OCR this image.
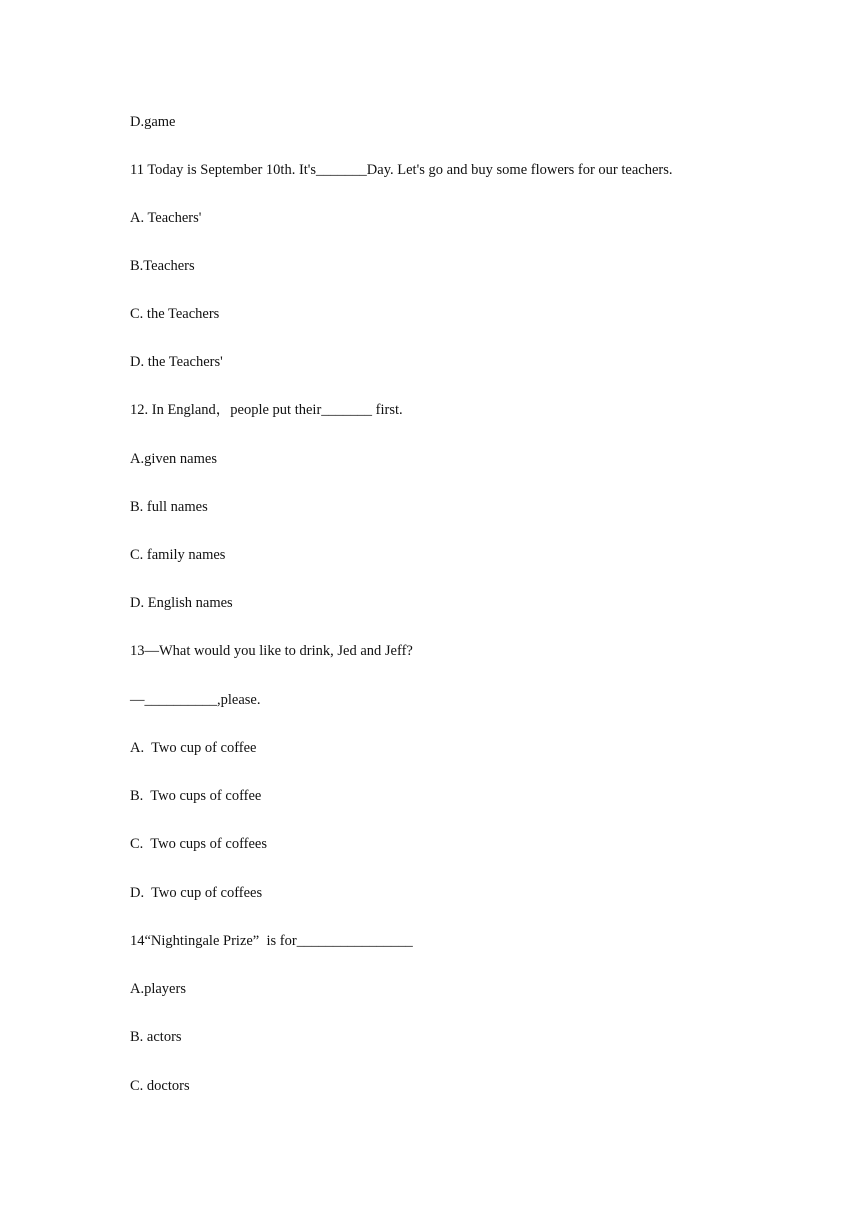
D.game
11 Today is September 10th. It's_______Day. Let's go and buy some flowers for our teachers.
A. Teachers'
B.Teachers
C. the Teachers
D. the Teachers'
12. In England，people put their_______ first.
A.given names
B. full names
C. family names
D. English names
13—What would you like to drink, Jed and Jeff?
—__________,please.
A.  Two cup of coffee
B.  Two cups of coffee
C.  Two cups of coffees
D.  Two cup of coffees
14“Nightingale Prize”  is for________________
A.players
B. actors
C. doctors
